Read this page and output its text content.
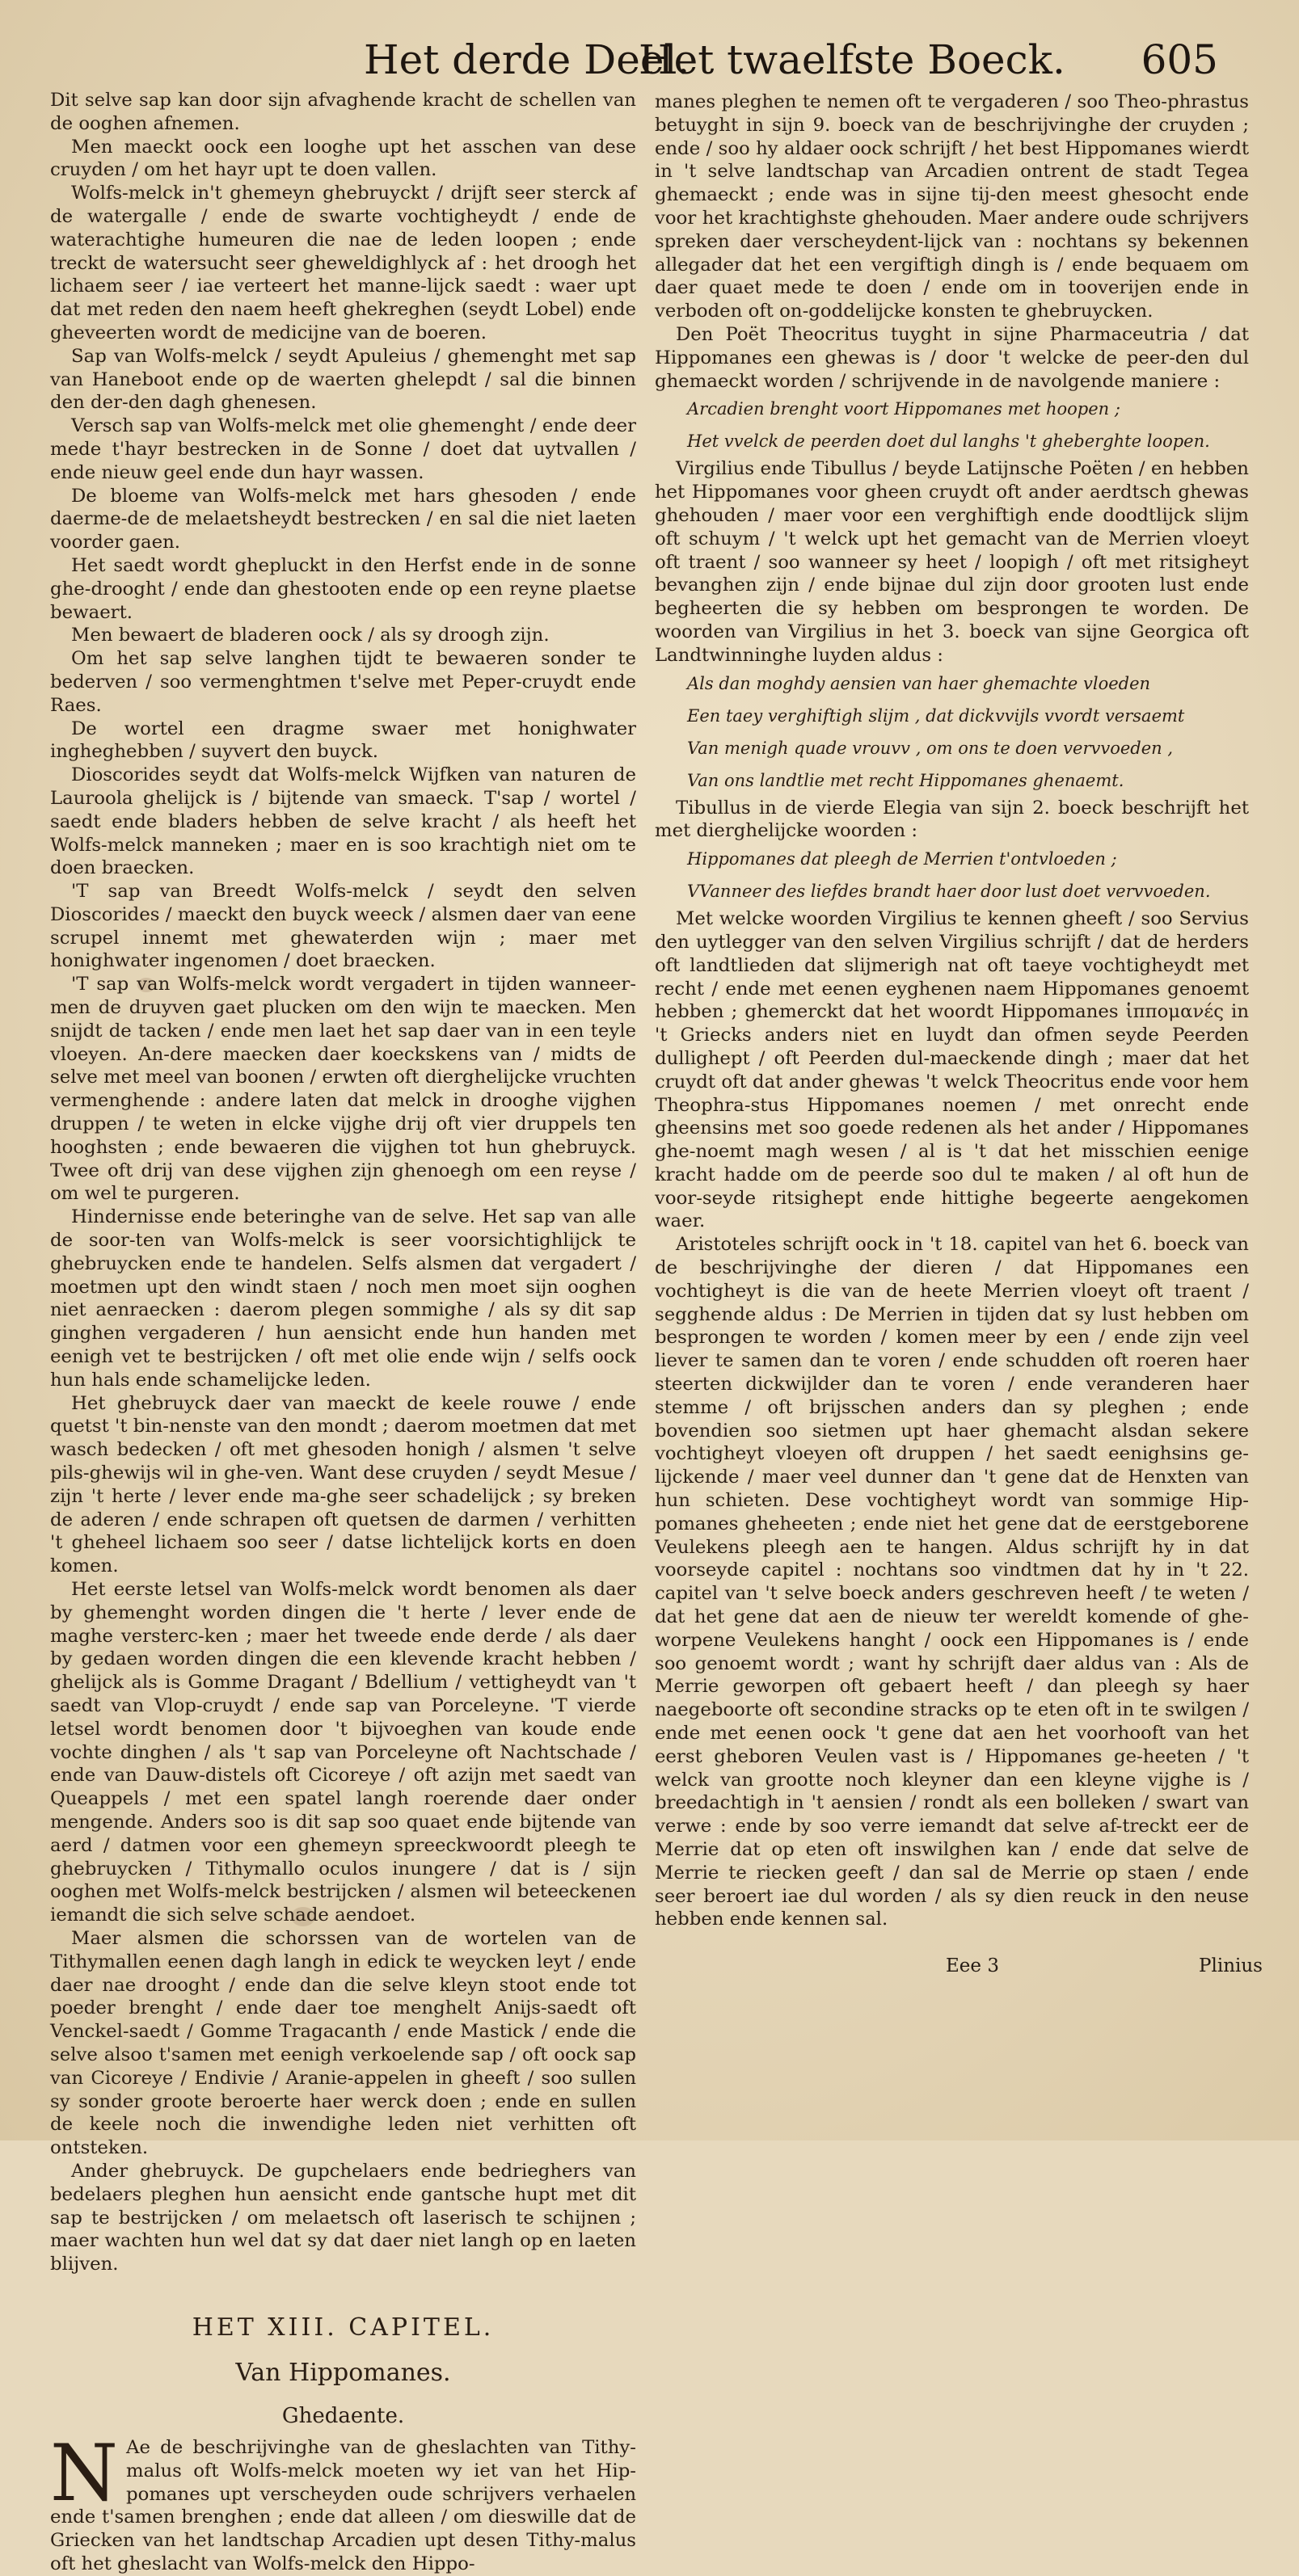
Het derde Deel.
Het twaelfste Boeck. 605

Dit selve sap kan door sijn afvaghende kracht de schellen van de ooghen afnemen.

Men maeckt oock een looghe upt het asschen van dese cruyden / om het hayr upt te doen vallen.

Wolfs-melck in't ghemeyn ghebruyckt / drijft seer sterck af de watergalle / ende de swarte vochtigheydt / ende de waterachtighe humeuren die nae de leden loopen ; ende treckt de watersucht seer gheweldighlyck af : het droogh het lichaem seer / iae verteert het manne-lijck saedt : waer upt dat met reden den naem heeft ghekreghen (seydt Lobel) ende gheveerten wordt de medicijne van de boeren.

Sap van Wolfs-melck / seydt Apuleius / ghemenght met sap van Haneboot ende op de waerten ghelepdt / sal die binnen den der-den dagh ghenesen.

Versch sap van Wolfs-melck met olie ghemenght / ende deer mede t'hayr bestrecken in de Sonne / doet dat uytvallen / ende nieuw geel ende dun hayr wassen.

De bloeme van Wolfs-melck met hars ghesoden / ende daerme-de de melaetsheydt bestrecken / en sal die niet laeten voorder gaen.

Het saedt wordt ghepluckt in den Herfst ende in de sonne ghe-drooght / ende dan ghestooten ende op een reyne plaetse bewaert.

Men bewaert de bladeren oock / als sy droogh zijn.

Om het sap selve langhen tijdt te bewaeren sonder te bederven / soo vermenghtmen t'selve met Peper-cruydt ende Raes.

De wortel een dragme swaer met honighwater ingheghebben / suyvert den buyck.

Dioscorides seydt dat Wolfs-melck Wijfken van naturen de Lauroola ghelijck is / bijtende van smaeck. T'sap / wortel / saedt ende bladers hebben de selve kracht / als heeft het Wolfs-melck manneken ; maer en is soo krachtigh niet om te doen braecken.

'T sap van Breedt Wolfs-melck / seydt den selven Dioscorides / maeckt den buyck weeck / alsmen daer van eene scrupel innemt met ghewaterden wijn ; maer met honighwater ingenomen / doet braecken.

'T sap van Wolfs-melck wordt vergadert in tijden wanneer-men de druyven gaet plucken om den wijn te maecken. Men snijdt de tacken / ende men laet het sap daer van in een teyle vloeyen. An-dere maecken daer koeckskens van / midts de selve met meel van boonen / erwten oft dierghelijcke vruchten vermenghende : andere laten dat melck in drooghe vijghen druppen / te weten in elcke vijghe drij oft vier druppels ten hooghsten ; ende bewaeren die vijghen tot hun ghebruyck. Twee oft drij van dese vijghen zijn ghenoegh om een reyse / om wel te purgeren.

Hindernisse ende beteringhe van de selve. Het sap van alle de soor-ten van Wolfs-melck is seer voorsichtighlijck te ghebruycken ende te handelen. Selfs alsmen dat vergadert / moetmen upt den windt staen / noch men moet sijn ooghen niet aenraecken : daerom plegen sommighe / als sy dit sap ginghen vergaderen / hun aensicht ende hun handen met eenigh vet te bestrijcken / oft met olie ende wijn / selfs oock hun hals ende schamelijcke leden.

Het ghebruyck daer van maeckt de keele rouwe / ende quetst 't bin-nenste van den mondt ; daerom moetmen dat met wasch bedecken / oft met ghesoden honigh / alsmen 't selve pils-ghewijs wil in ghe-ven. Want dese cruyden / seydt Mesue / zijn 't herte / lever ende ma-ghe seer schadelijck ; sy breken de aderen / ende schrapen oft quetsen de darmen / verhitten 't gheheel lichaem soo seer / datse lichtelijck korts en doen komen.

Het eerste letsel van Wolfs-melck wordt benomen als daer by ghemenght worden dingen die 't herte / lever ende de maghe versterc-ken ; maer het tweede ende derde / als daer by gedaen worden dingen die een klevende kracht hebben / ghelijck als is Gomme Dragant / Bdellium / vettigheydt van 't saedt van Vlop-cruydt / ende sap van Porceleyne. 'T vierde letsel wordt benomen door 't bijvoeghen van koude ende vochte dinghen / als 't sap van Porceleyne oft Nachtschade / ende van Dauw-distels oft Cicoreye / oft azijn met saedt van Queappels / met een spatel langh roerende daer onder mengende. Anders soo is dit sap soo quaet ende bijtende van aerd / datmen voor een ghemeyn spreeckwoordt pleegh te ghebruycken / Tithymallo oculos inungere / dat is / sijn ooghen met Wolfs-melck bestrijcken / alsmen wil beteeckenen iemandt die sich selve schade aendoet.

Maer alsmen die schorssen van de wortelen van de Tithymallen eenen dagh langh in edick te weycken leyt / ende daer nae drooght / ende dan die selve kleyn stoot ende tot poeder brenght / ende daer toe menghelt Anijs-saedt oft Venckel-saedt / Gomme Tragacanth / ende Mastick / ende die selve alsoo t'samen met eenigh verkoelende sap / oft oock sap van Cicoreye / Endivie / Aranie-appelen in gheeft / soo sullen sy sonder groote beroerte haer werck doen ; ende en sullen de keele noch die inwendighe leden niet verhitten oft ontsteken.

Ander ghebruyck. De gupchelaers ende bedrieghers van bedelaers pleghen hun aensicht ende gantsche hupt met dit sap te bestrijcken / om melaetsch oft laserisch te schijnen ; maer wachten hun wel dat sy dat daer niet langh op en laeten blijven.

HET XIII. CAPITEL.
Van Hippomanes.
Ghedaente.

N Ae de beschrijvinghe van de gheslachten van Tithy-malus oft Wolfs-melck moeten wy iet van het Hip-pomanes upt verscheyden oude schrijvers verhaelen ende t'samen brenghen ; ende dat alleen / om dieswille dat de Griecken van het landtschap Arcadien upt desen Tithy-malus oft het gheslacht van Wolfs-melck den Hippo-

manes pleghen te nemen oft te vergaderen / soo Theo-phrastus betuyght in sijn 9. boeck van de beschrijvinghe der cruyden ; ende / soo hy aldaer oock schrijft / het best Hippomanes wierdt in 't selve landtschap van Arcadien ontrent de stadt Tegea ghemaeckt ; ende was in sijne tij-den meest ghesocht ende voor het krachtighste ghehouden. Maer andere oude schrijvers spreken daer verscheydent-lijck van : nochtans sy bekennen allegader dat het een vergiftigh dingh is / ende bequaem om daer quaet mede te doen / ende om in tooverijen ende in verboden oft on-goddelijcke konsten te ghebruycken.

Den Poët Theocritus tuyght in sijne Pharmaceutria / dat Hippomanes een ghewas is / door 't welcke de peer-den dul ghemaeckt worden / schrijvende in de navolgende maniere :

Arcadien brenght voort Hippomanes met hoopen ;
Het vvelck de peerden doet dul langhs 't gheberghte loopen.

Virgilius ende Tibullus / beyde Latijnsche Poëten / en hebben het Hippomanes voor gheen cruydt oft ander aerdtsch ghewas ghehouden / maer voor een verghiftigh ende doodtlijck slijm oft schuym / 't welck upt het gemacht van de Merrien vloeyt oft traent / soo wanneer sy heet / loopigh / oft met ritsigheyt bevanghen zijn / ende bijnae dul zijn door grooten lust ende begheerten die sy hebben om besprongen te worden. De woorden van Virgilius in het 3. boeck van sijne Georgica oft Landtwinninghe luyden aldus :

Als dan moghdy aensien van haer ghemachte vloeden
Een taey verghiftigh slijm , dat dickvvijls vvordt versaemt
Van menigh quade vrouvv , om ons te doen vervvoeden ,
Van ons landtlie met recht Hippomanes ghenaemt.

Tibullus in de vierde Elegia van sijn 2. boeck beschrijft het met dierghelijcke woorden :

Hippomanes dat pleegh de Merrien t'ontvloeden ;
VVanneer des liefdes brandt haer door lust doet vervvoeden.

Met welcke woorden Virgilius te kennen gheeft / soo Servius den uytlegger van den selven Virgilius schrijft / dat de herders oft landtlieden dat slijmerigh nat oft taeye vochtigheydt met recht / ende met eenen eyghenen naem Hippomanes genoemt hebben ; ghemerckt dat het woordt Hippomanes ἱππομανές in 't Griecks anders niet en luydt dan ofmen seyde Peerden dullighept / oft Peerden dul-maeckende dingh ; maer dat het cruydt oft dat ander ghewas 't welck Theocritus ende voor hem Theophra-stus Hippomanes noemen / met onrecht ende gheensins met soo goede redenen als het ander / Hippomanes ghe-noemt magh wesen / al is 't dat het misschien eenige kracht hadde om de peerde soo dul te maken / al oft hun de voor-seyde ritsighept ende hittighe begeerte aengekomen waer.

Aristoteles schrijft oock in 't 18. capitel van het 6. boeck van de beschrijvinghe der dieren / dat Hippomanes een vochtigheyt is die van de heete Merrien vloeyt oft traent / segghende aldus : De Merrien in tijden dat sy lust hebben om besprongen te worden / komen meer by een / ende zijn veel liever te samen dan te voren / ende schudden oft roeren haer steerten dickwijlder dan te voren / ende veranderen haer stemme / oft brijsschen anders dan sy pleghen ; ende bovendien soo sietmen upt haer ghemacht alsdan sekere vochtigheyt vloeyen oft druppen / het saedt eenighsins ge-lijckende / maer veel dunner dan 't gene dat de Henxten van hun schieten. Dese vochtigheyt wordt van sommige Hip-pomanes gheheeten ; ende niet het gene dat de eerstgeborene Veulekens pleegh aen te hangen. Aldus schrijft hy in dat voorseyde capitel : nochtans soo vindtmen dat hy in 't 22. capitel van 't selve boeck anders geschreven heeft / te weten / dat het gene dat aen de nieuw ter wereldt komende of ghe-worpene Veulekens hanght / oock een Hippomanes is / ende soo genoemt wordt ; want hy schrijft daer aldus van : Als de Merrie geworpen oft gebaert heeft / dan pleegh sy haer naegeboorte oft secondine stracks op te eten oft in te swilgen / ende met eenen oock 't gene dat aen het voorhooft van het eerst gheboren Veulen vast is / Hippomanes ge-heeten / 't welck van grootte noch kleyner dan een kleyne vijghe is / breedachtigh in 't aensien / rondt als een bolleken / swart van verwe : ende by soo verre iemandt dat selve af-treckt eer de Merrie dat op eten oft inswilghen kan / ende dat selve de Merrie te riecken geeft / dan sal de Merrie op staen / ende seer beroert iae dul worden / als sy dien reuck in den neuse hebben ende kennen sal.

Eee 3	Plinius
